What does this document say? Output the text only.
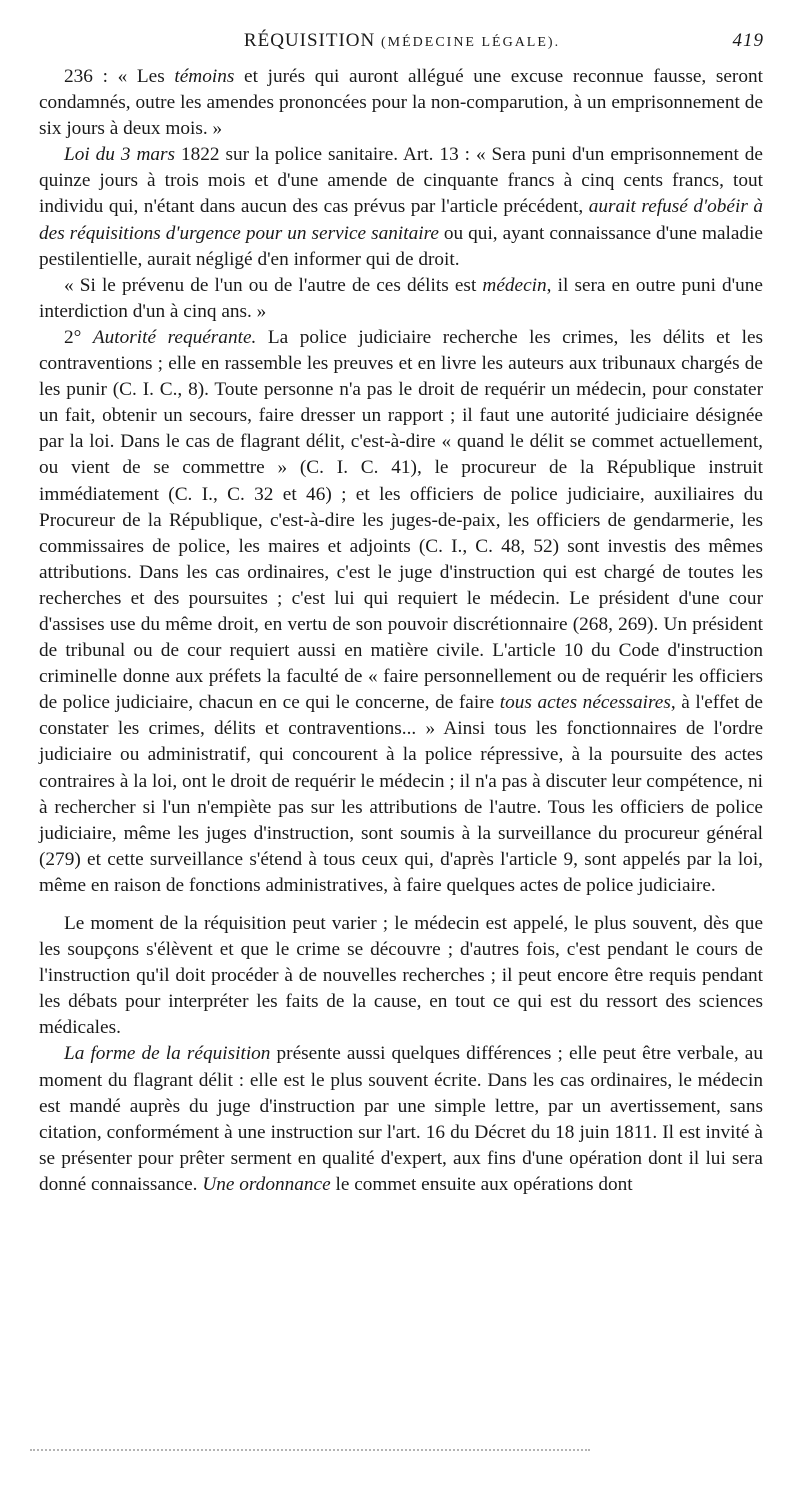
RÉQUISITION (MÉDECINE LÉGALE).	419

236 : « Les témoins et jurés qui auront allégué une excuse reconnue fausse, seront condamnés, outre les amendes prononcées pour la non-comparution, à un emprisonnement de six jours à deux mois. »

Loi du 3 mars 1822 sur la police sanitaire. Art. 13 : « Sera puni d'un emprisonnement de quinze jours à trois mois et d'une amende de cinquante francs à cinq cents francs, tout individu qui, n'étant dans aucun des cas prévus par l'article précédent, aurait refusé d'obéir à des réquisitions d'urgence pour un service sanitaire ou qui, ayant connaissance d'une maladie pestilentielle, aurait négligé d'en informer qui de droit.

« Si le prévenu de l'un ou de l'autre de ces délits est médecin, il sera en outre puni d'une interdiction d'un à cinq ans. »

2° Autorité requérante. La police judiciaire recherche les crimes, les délits et les contraventions ; elle en rassemble les preuves et en livre les auteurs aux tribunaux chargés de les punir (C. I. C., 8). Toute personne n'a pas le droit de requérir un médecin, pour constater un fait, obtenir un secours, faire dresser un rapport ; il faut une autorité judiciaire désignée par la loi. Dans le cas de flagrant délit, c'est-à-dire « quand le délit se commet actuellement, ou vient de se commettre » (C. I. C. 41), le procureur de la République instruit immédiatement (C. I., C. 32 et 46) ; et les officiers de police judiciaire, auxiliaires du Procureur de la République, c'est-à-dire les juges-de-paix, les officiers de gendarmerie, les commissaires de police, les maires et adjoints (C. I., C. 48, 52) sont investis des mêmes attributions. Dans les cas ordinaires, c'est le juge d'instruction qui est chargé de toutes les recherches et des poursuites ; c'est lui qui requiert le médecin. Le président d'une cour d'assises use du même droit, en vertu de son pouvoir discrétionnaire (268, 269). Un président de tribunal ou de cour requiert aussi en matière civile. L'article 10 du Code d'instruction criminelle donne aux préfets la faculté de « faire personnellement ou de requérir les officiers de police judiciaire, chacun en ce qui le concerne, de faire tous actes nécessaires, à l'effet de constater les crimes, délits et contraventions... » Ainsi tous les fonctionnaires de l'ordre judiciaire ou administratif, qui concourent à la police répressive, à la poursuite des actes contraires à la loi, ont le droit de requérir le médecin ; il n'a pas à discuter leur compétence, ni à rechercher si l'un n'empiète pas sur les attributions de l'autre. Tous les officiers de police judiciaire, même les juges d'instruction, sont soumis à la surveillance du procureur général (279) et cette surveillance s'étend à tous ceux qui, d'après l'article 9, sont appelés par la loi, même en raison de fonctions administratives, à faire quelques actes de police judiciaire.

Le moment de la réquisition peut varier ; le médecin est appelé, le plus souvent, dès que les soupçons s'élèvent et que le crime se découvre ; d'autres fois, c'est pendant le cours de l'instruction qu'il doit procéder à de nouvelles recherches ; il peut encore être requis pendant les débats pour interpréter les faits de la cause, en tout ce qui est du ressort des sciences médicales.

La forme de la réquisition présente aussi quelques différences ; elle peut être verbale, au moment du flagrant délit : elle est le plus souvent écrite. Dans les cas ordinaires, le médecin est mandé auprès du juge d'instruction par une simple lettre, par un avertissement, sans citation, conformément à une instruction sur l'art. 16 du Décret du 18 juin 1811. Il est invité à se présenter pour prêter serment en qualité d'expert, aux fins d'une opération dont il lui sera donné connaissance. Une ordonnance le commet ensuite aux opérations dont
